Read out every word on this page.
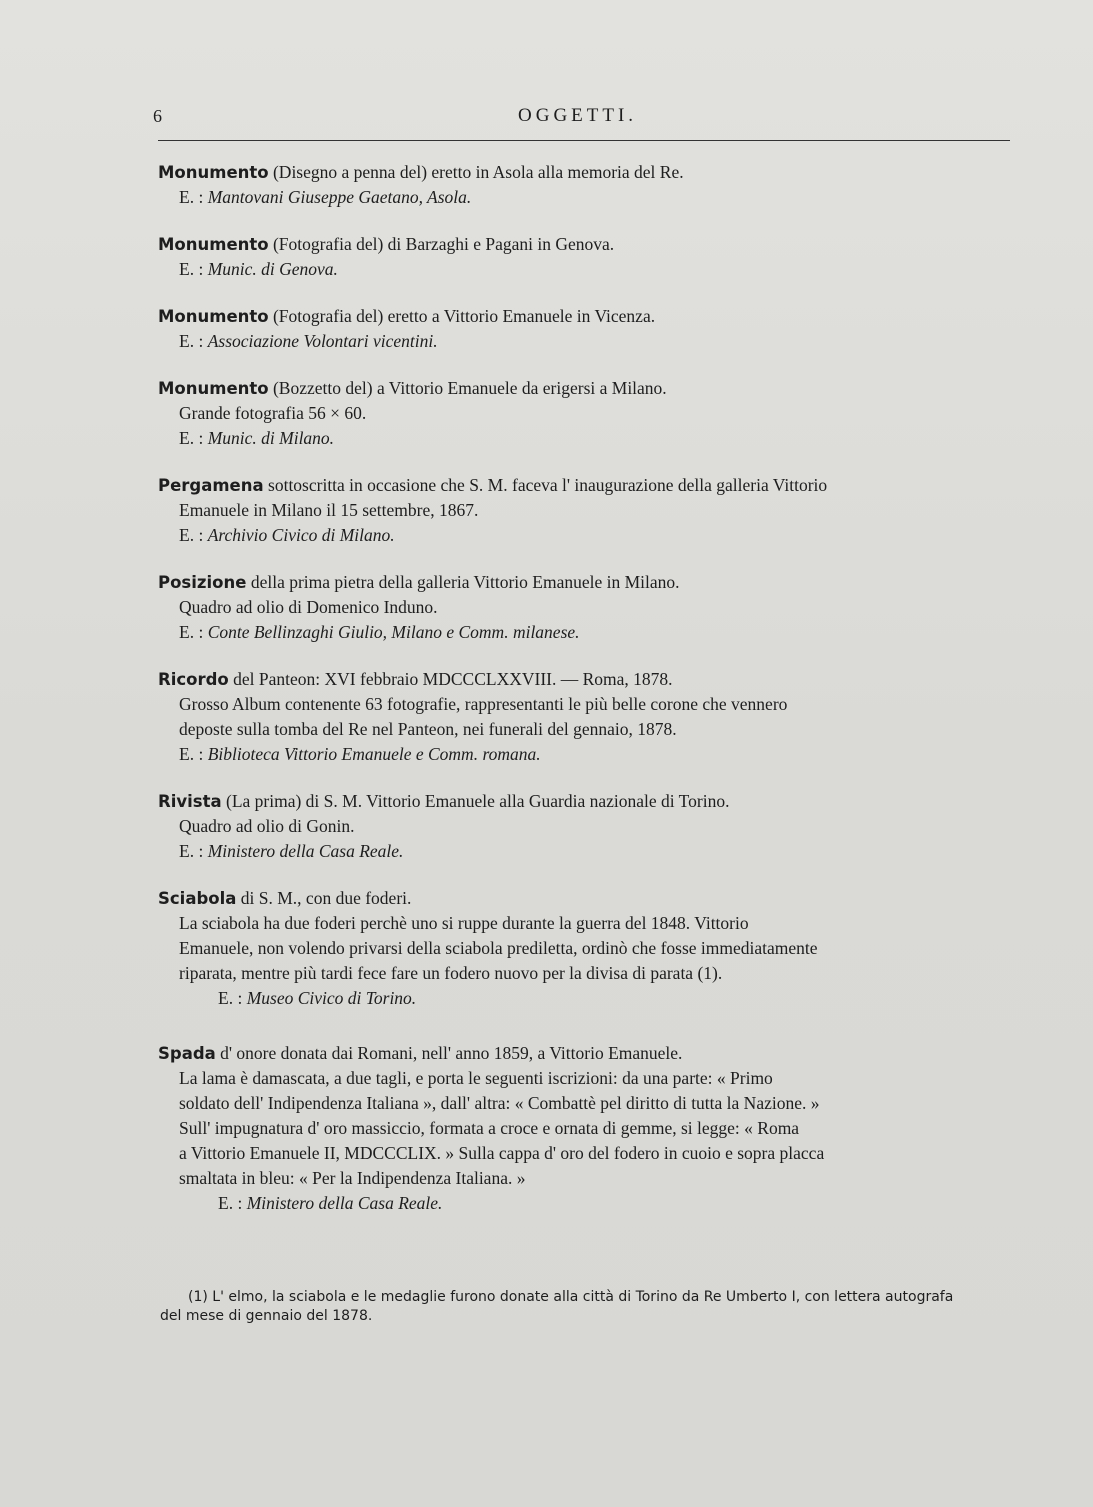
6	OGGETTI.
Monumento (Disegno a penna del) eretto in Asola alla memoria del Re.
E. : Mantovani Giuseppe Gaetano, Asola.
Monumento (Fotografia del) di Barzaghi e Pagani in Genova.
E. : Munic. di Genova.
Monumento (Fotografia del) eretto a Vittorio Emanuele in Vicenza.
E. : Associazione Volontari vicentini.
Monumento (Bozzetto del) a Vittorio Emanuele da erigersi a Milano.
Grande fotografia 56 × 60.
E. : Munic. di Milano.
Pergamena sottoscritta in occasione che S. M. faceva l' inaugurazione della galleria Vittorio
Emanuele in Milano il 15 settembre, 1867.
E. : Archivio Civico di Milano.
Posizione della prima pietra della galleria Vittorio Emanuele in Milano.
Quadro ad olio di Domenico Induno.
E. : Conte Bellinzaghi Giulio, Milano e Comm. milanese.
Ricordo del Panteon: XVI febbraio MDCCCLXXVIII. — Roma, 1878.
Grosso Album contenente 63 fotografie, rappresentanti le più belle corone che vennero
deposte sulla tomba del Re nel Panteon, nei funerali del gennaio, 1878.
E. : Biblioteca Vittorio Emanuele e Comm. romana.
Rivista (La prima) di S. M. Vittorio Emanuele alla Guardia nazionale di Torino.
Quadro ad olio di Gonin.
E. : Ministero della Casa Reale.
Sciabola di S. M., con due foderi.
La sciabola ha due foderi perchè uno si ruppe durante la guerra del 1848. Vittorio
Emanuele, non volendo privarsi della sciabola prediletta, ordinò che fosse immediatamente
riparata, mentre più tardi fece fare un fodero nuovo per la divisa di parata (1).
E. : Museo Civico di Torino.
Spada d' onore donata dai Romani, nell' anno 1859, a Vittorio Emanuele.
La lama è damascata, a due tagli, e porta le seguenti iscrizioni: da una parte: « Primo
soldato dell' Indipendenza Italiana », dall' altra: « Combattè pel diritto di tutta la Nazione. »
Sull' impugnatura d' oro massiccio, formata a croce e ornata di gemme, si legge: « Roma
a Vittorio Emanuele II, MDCCCLIX. » Sulla cappa d' oro del fodero in cuoio e sopra placca
smaltata in bleu: « Per la Indipendenza Italiana. »
E. : Ministero della Casa Reale.
(1) L' elmo, la sciabola e le medaglie furono donate alla città di Torino da Re Umberto I, con lettera autografa
del mese di gennaio del 1878.
